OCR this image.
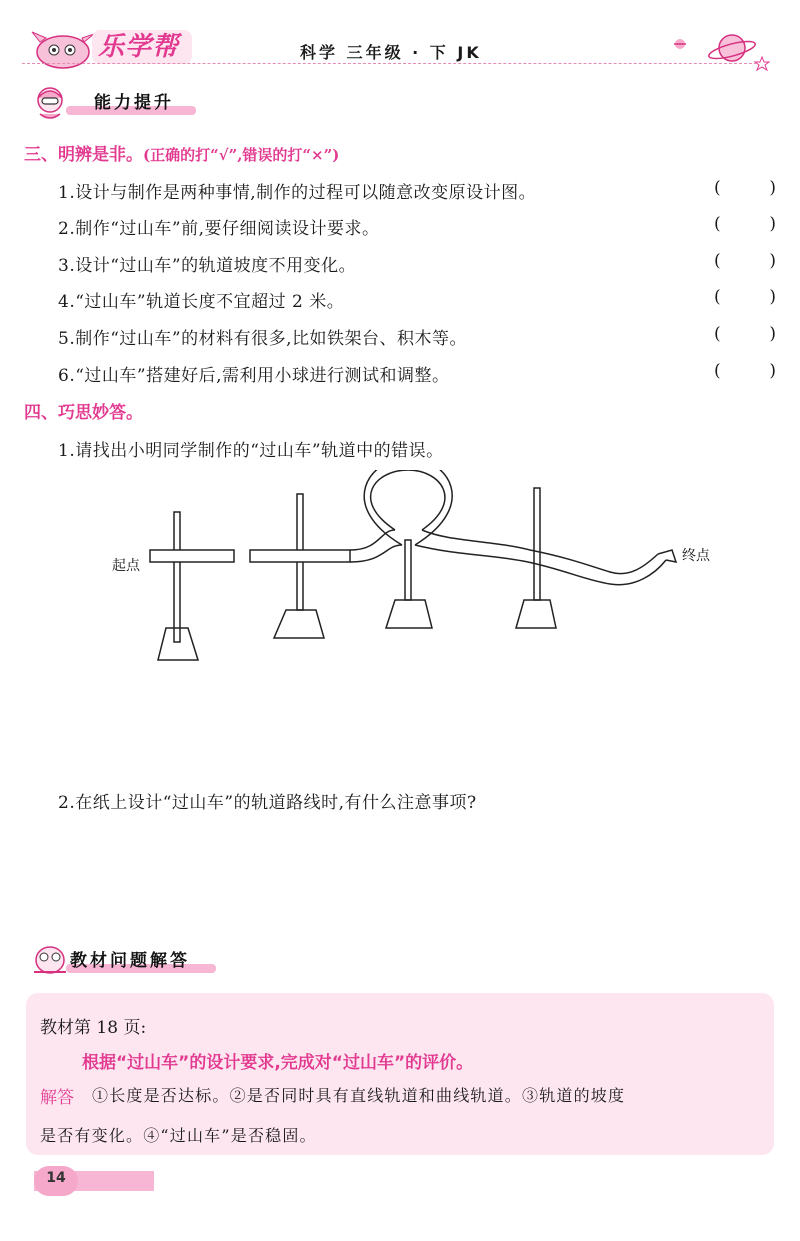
乐学帮	科学 三年级 · 下 JK
能力提升
三、明辨是非。(正确的打“√”,错误的打“×”)
1.设计与制作是两种事情,制作的过程可以随意改变原设计图。	(	)
2.制作“过山车”前,要仔细阅读设计要求。	(	)
3.设计“过山车”的轨道坡度不用变化。	(	)
4.“过山车”轨道长度不宜超过 2 米。	(	)
5.制作“过山车”的材料有很多,比如铁架台、积木等。	(	)
6.“过山车”搭建好后,需利用小球进行测试和调整。	(	)
四、巧思妙答。
1.请找出小明同学制作的“过山车”轨道中的错误。
起点
终点
2.在纸上设计“过山车”的轨道路线时,有什么注意事项?
教材问题解答
教材第 18 页:
根据“过山车”的设计要求,完成对“过山车”的评价。
解答 ①长度是否达标。②是否同时具有直线轨道和曲线轨道。③轨道的坡度
是否有变化。④“过山车”是否稳固。
14
